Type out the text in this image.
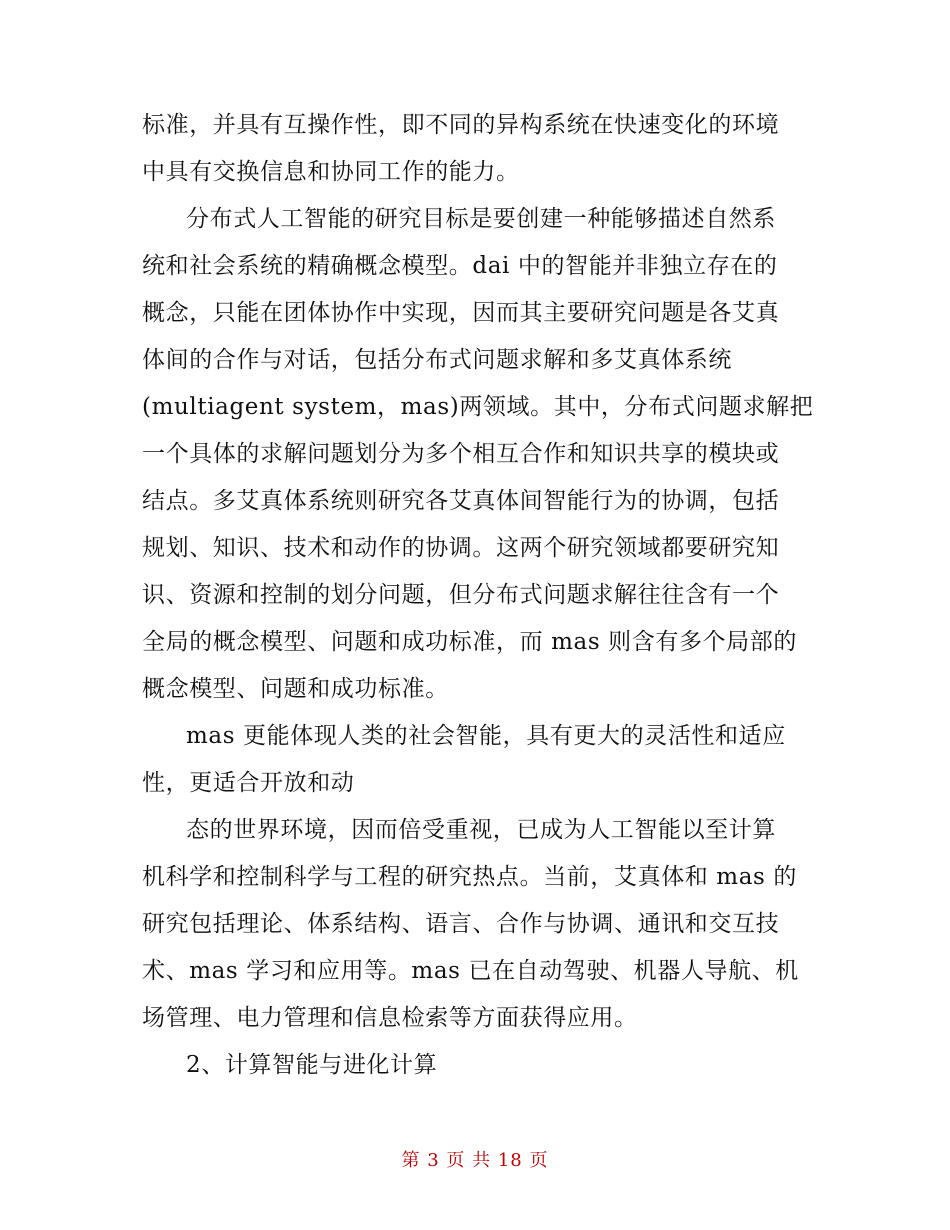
标准，并具有互操作性，即不同的异构系统在快速变化的环境
中具有交换信息和协同工作的能力。
分布式人工智能的研究目标是要创建一种能够描述自然系
统和社会系统的精确概念模型。dai 中的智能并非独立存在的
概念，只能在团体协作中实现，因而其主要研究问题是各艾真
体间的合作与对话，包括分布式问题求解和多艾真体系统
(multiagent system，mas)两领域。其中，分布式问题求解把
一个具体的求解问题划分为多个相互合作和知识共享的模块或
结点。多艾真体系统则研究各艾真体间智能行为的协调，包括
规划、知识、技术和动作的协调。这两个研究领域都要研究知
识、资源和控制的划分问题，但分布式问题求解往往含有一个
全局的概念模型、问题和成功标准，而 mas 则含有多个局部的
概念模型、问题和成功标准。
mas 更能体现人类的社会智能，具有更大的灵活性和适应
性，更适合开放和动
态的世界环境，因而倍受重视，已成为人工智能以至计算
机科学和控制科学与工程的研究热点。当前，艾真体和 mas 的
研究包括理论、体系结构、语言、合作与协调、通讯和交互技
术、mas 学习和应用等。mas 已在自动驾驶、机器人导航、机
场管理、电力管理和信息检索等方面获得应用。
2、计算智能与进化计算
第 3 页 共 18 页
